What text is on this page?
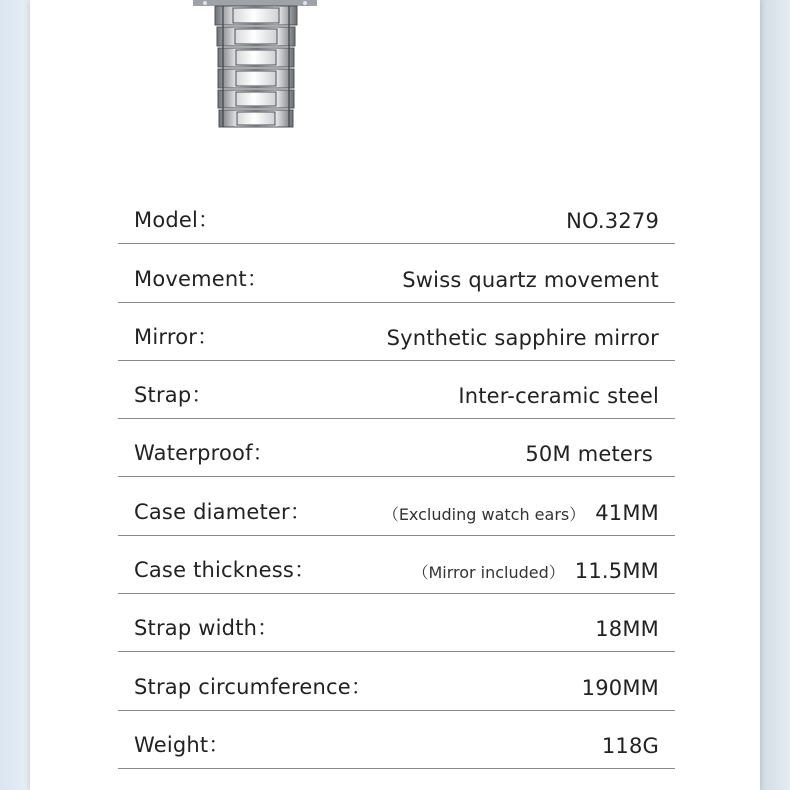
Model：	NO.3279
Movement：	Swiss quartz movement
Mirror：	Synthetic sapphire mirror
Strap：	Inter-ceramic steel
Waterproof：	50M meters
Case diameter：	（Excluding watch ears） 41MM
Case thickness：	（Mirror included） 11.5MM
Strap width：	18MM
Strap circumference：	190MM
Weight：	118G
